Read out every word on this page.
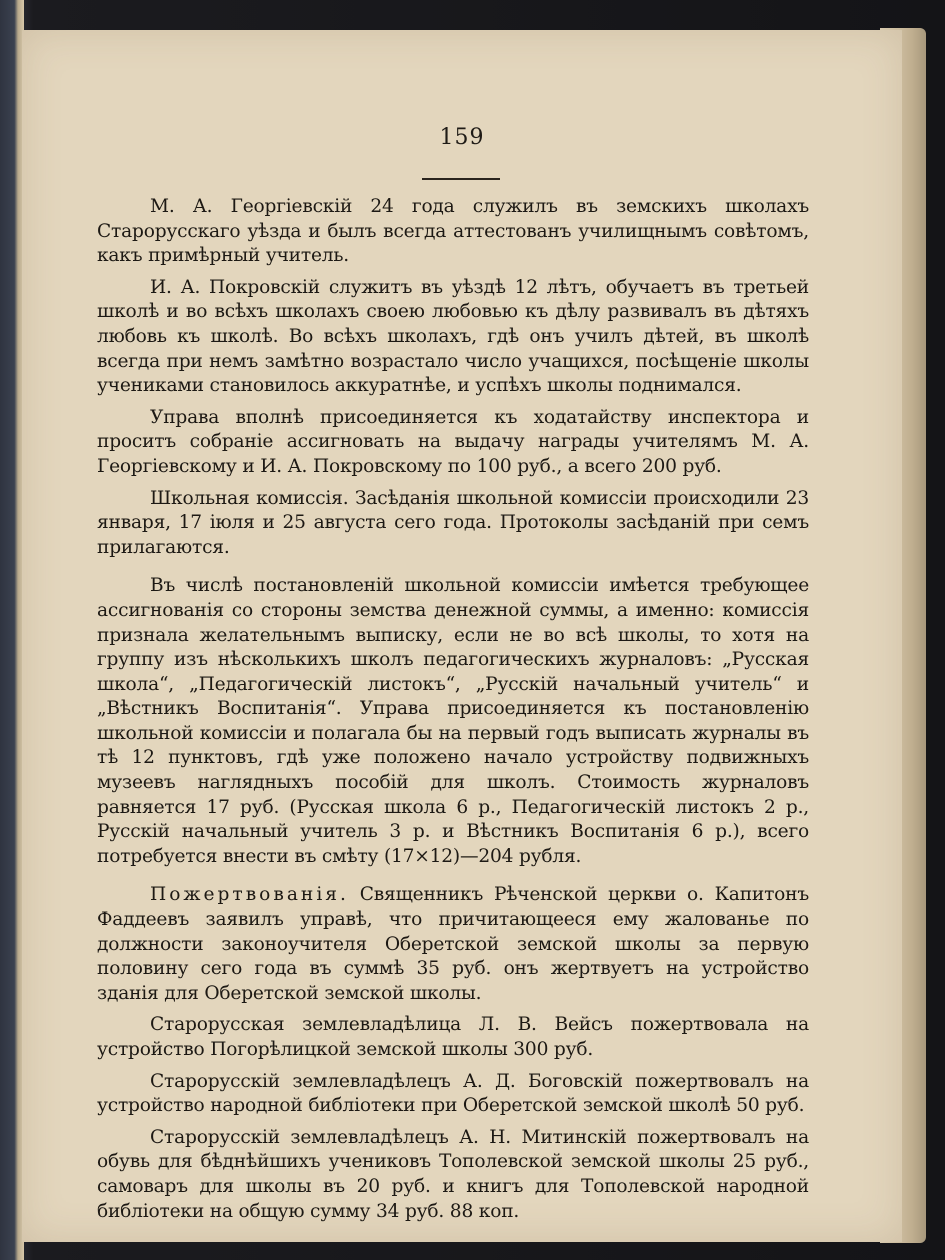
159

М. А. Георгіевскій 24 года служилъ въ земскихъ школахъ Старорусскаго уѣзда и былъ всегда аттестованъ училищнымъ совѣтомъ, какъ примѣрный учитель.

И. А. Покровскій служитъ въ уѣздѣ 12 лѣтъ, обучаетъ въ третьей школѣ и во всѣхъ школахъ своею любовью къ дѣлу развивалъ въ дѣтяхъ любовь къ школѣ. Во всѣхъ школахъ, гдѣ онъ училъ дѣтей, въ школѣ всегда при немъ замѣтно возрастало число учащихся, посѣщеніе школы учениками становилось аккуратнѣе, и успѣхъ школы поднимался.

Управа вполнѣ присоединяется къ ходатайству инспектора и проситъ собраніе ассигновать на выдачу награды учителямъ М. А. Георгіевскому и И. А. Покровскому по 100 руб., а всего 200 руб.

Школьная комиссія. Засѣданія школьной комиссіи происходили 23 января, 17 іюля и 25 августа сего года. Протоколы засѣданій при семъ прилагаются.

Въ числѣ постановленій школьной комиссіи имѣется требующее ассигнованія со стороны земства денежной суммы, а именно: комиссія признала желательнымъ выписку, если не во всѣ школы, то хотя на группу изъ нѣсколькихъ школъ педагогическихъ журналовъ: „Русская школа“, „Педагогическій листокъ“, „Русскій начальный учитель“ и „Вѣстникъ Воспитанія“. Управа присоединяется къ постановленію школьной комиссіи и полагала бы на первый годъ выписать журналы въ тѣ 12 пунктовъ, гдѣ уже положено начало устройству подвижныхъ музеевъ наглядныхъ пособій для школъ. Стоимость журналовъ равняется 17 руб. (Русская школа 6 р., Педагогическій листокъ 2 р., Русскій начальный учитель 3 р. и Вѣстникъ Воспитанія 6 р.), всего потребуется внести въ смѣту (17×12)—204 рубля.

Пожертвованія. Священникъ Рѣченской церкви о. Капитонъ Фаддеевъ заявилъ управѣ, что причитающееся ему жалованье по должности законоучителя Оберетской земской школы за первую половину сего года въ суммѣ 35 руб. онъ жертвуетъ на устройство зданія для Оберетской земской школы.

Старорусская землевладѣлица Л. В. Вейсъ пожертвовала на устройство Погорѣлицкой земской школы 300 руб.

Старорусскій землевладѣлецъ А. Д. Боговскій пожертвовалъ на устройство народной библіотеки при Оберетской земской школѣ 50 руб.

Старорусскій землевладѣлецъ А. Н. Митинскій пожертвовалъ на обувь для бѣднѣйшихъ учениковъ Тополевской земской школы 25 руб., самоваръ для школы въ 20 руб. и книгъ для Тополевской народной библіотеки на общую сумму 34 руб. 88 коп.
